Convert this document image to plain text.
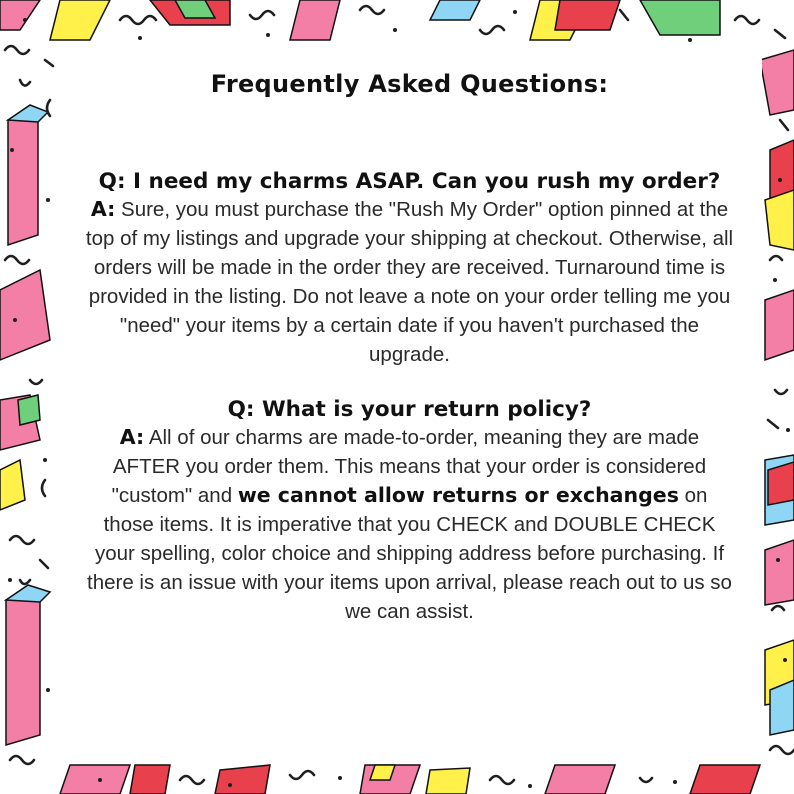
Frequently Asked Questions:
Q: I need my charms ASAP. Can you rush my order?

A: Sure, you must purchase the "Rush My Order" option pinned at the top of my listings and upgrade your shipping at checkout. Otherwise, all orders will be made in the order they are received. Turnaround time is provided in the listing. Do not leave a note on your order telling me you "need" your items by a certain date if you haven't purchased the upgrade.

Q: What is your return policy?

A: All of our charms are made-to-order, meaning they are made AFTER you order them. This means that your order is considered "custom" and we cannot allow returns or exchanges on those items. It is imperative that you CHECK and DOUBLE CHECK your spelling, color choice and shipping address before purchasing. If there is an issue with your items upon arrival, please reach out to us so we can assist.
